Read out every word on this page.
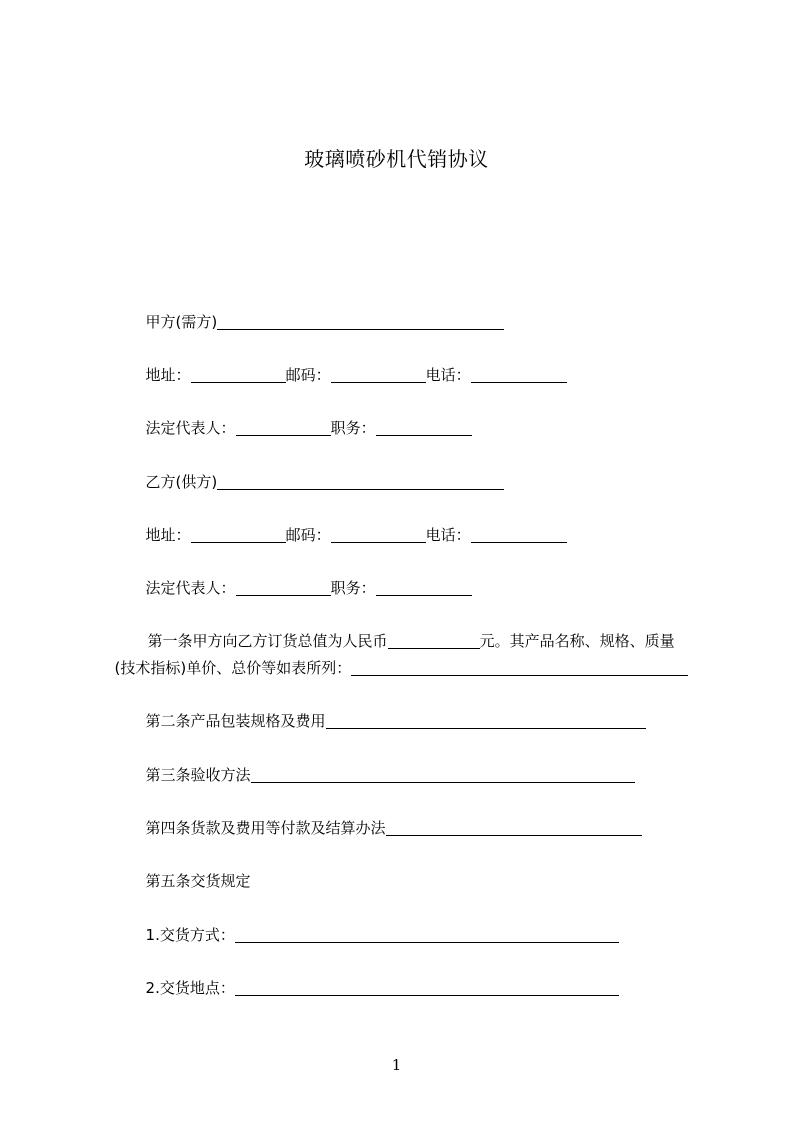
玻璃喷砂机代销协议

甲方(需方)

地址：	邮码：	电话：

法定代表人：	职务：

乙方(供方)

地址：	邮码：	电话：

法定代表人：	职务：

第一条甲方向乙方订货总值为人民币	元。其产品名称、规格、质量

(技术指标)单价、总价等如表所列：

第二条产品包装规格及费用

第三条验收方法

第四条货款及费用等付款及结算办法

第五条交货规定

1.交货方式：

2.交货地点：

1
